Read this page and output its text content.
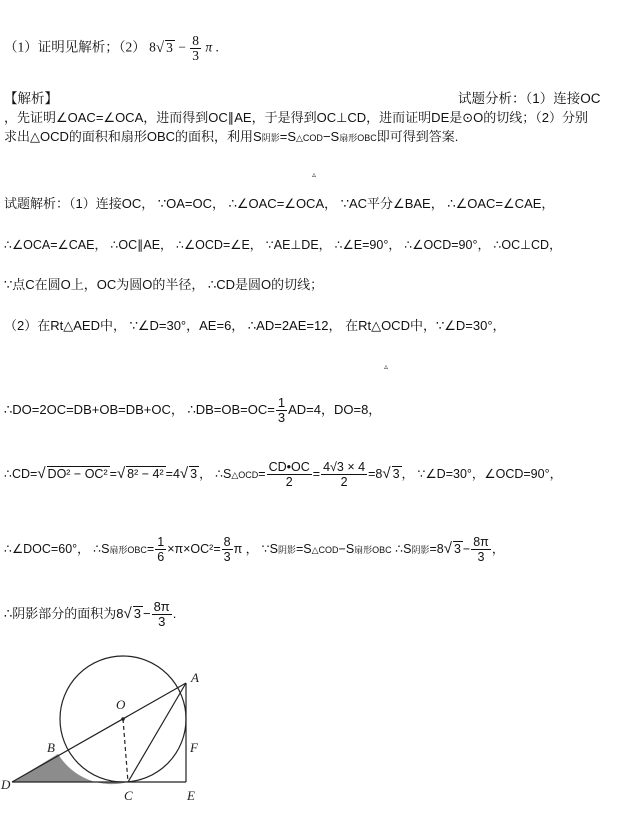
（1）证明见解析；（2） 8√ $3 - \frac{8}{3}$ π .
【解析】	试题分析：（1）连接OC
，先证明∠OAC=∠OCA，进而得到OC∥AE，于是得到OC⊥CD，进而证明DE是⊙O的切线；（2）分别
求出△OCD的面积和扇形OBC的面积，利用S阴影=S△COD−S扇形OBC即可得到答案.
▵
试题解析：（1）连接OC， ∵OA=OC， ∴∠OAC=∠OCA， ∵AC平分∠BAE， ∴∠OAC=∠CAE，
∴∠OCA=∠CAE， ∴OC∥AE， ∴∠OCD=∠E， ∵AE⊥DE， ∴∠E=90°， ∴∠OCD=90°， ∴OC⊥CD，
∵点C在圆O上，OC为圆O的半径， ∴CD是圆O的切线；
（2）在Rt△AED中， ∵∠D=30°，AE=6， ∴AD=2AE=12， 在Rt△OCD中，∵∠D=30°，
▵
∴DO=2OC=DB+OB=DB+OC， ∴DB=OB=OC= $\frac{1}{3} AD=4$，DO=8，
∴CD=√ DO² − OC² =√ 8² − 4² =4√ 3 ， ∴S△OCD= $\frac{CD•OC}{2} = \frac{4√3 \times 4}{2} =8√$ 3 ， ∵∠D=30°，∠OCD=90°，
∴∠DOC=60°， ∴S扇形$OBC= \frac{1}{6} \times\pi\times OC^2= \frac{8}{3}$ π ， ∵S阴影=S△COD−S扇形OBC ∴S阴影=8√ $3 - \frac{8\pi}{3}$ ，
∴阴影部分的面积为8√ $3 - \frac{8\pi}{3}$ .
A
O
B	F
D
C	E
